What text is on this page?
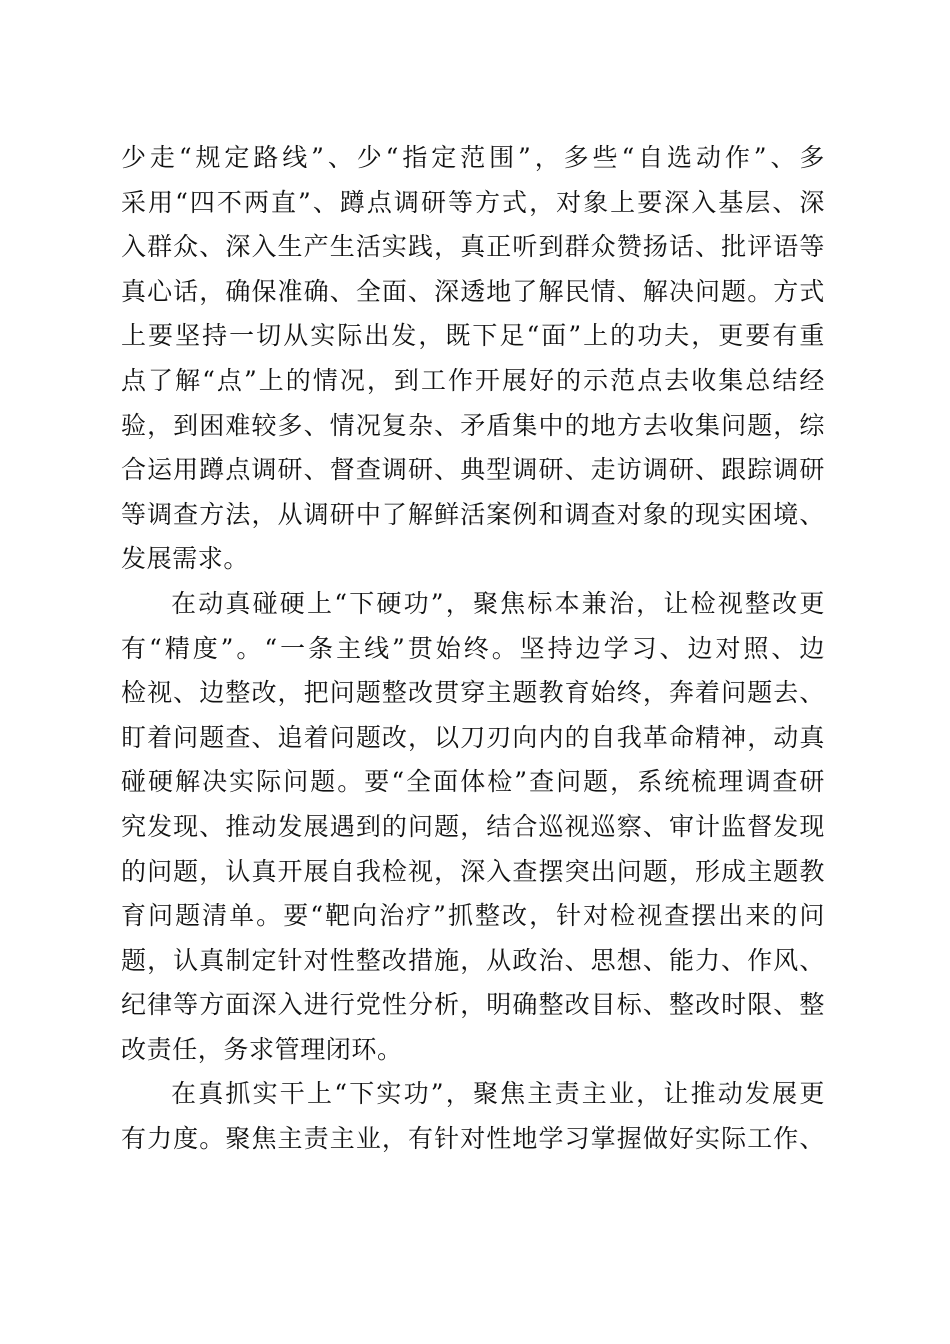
少走“规定路线”、少“指定范围”，多些“自选动作”、多
采用“四不两直”、蹲点调研等方式，对象上要深入基层、深
入群众、深入生产生活实践，真正听到群众赞扬话、批评语等
真心话，确保准确、全面、深透地了解民情、解决问题。方式
上要坚持一切从实际出发，既下足“面”上的功夫，更要有重
点了解“点”上的情况，到工作开展好的示范点去收集总结经
验，到困难较多、情况复杂、矛盾集中的地方去收集问题，综
合运用蹲点调研、督查调研、典型调研、走访调研、跟踪调研
等调查方法，从调研中了解鲜活案例和调查对象的现实困境、
发展需求。
在动真碰硬上“下硬功”，聚焦标本兼治，让检视整改更
有“精度”。“一条主线”贯始终。坚持边学习、边对照、边
检视、边整改，把问题整改贯穿主题教育始终，奔着问题去、
盯着问题查、追着问题改，以刀刃向内的自我革命精神，动真
碰硬解决实际问题。要“全面体检”查问题，系统梳理调查研
究发现、推动发展遇到的问题，结合巡视巡察、审计监督发现
的问题，认真开展自我检视，深入查摆突出问题，形成主题教
育问题清单。要“靶向治疗”抓整改，针对检视查摆出来的问
题，认真制定针对性整改措施，从政治、思想、能力、作风、
纪律等方面深入进行党性分析，明确整改目标、整改时限、整
改责任，务求管理闭环。
在真抓实干上“下实功”，聚焦主责主业，让推动发展更
有力度。聚焦主责主业，有针对性地学习掌握做好实际工作、
